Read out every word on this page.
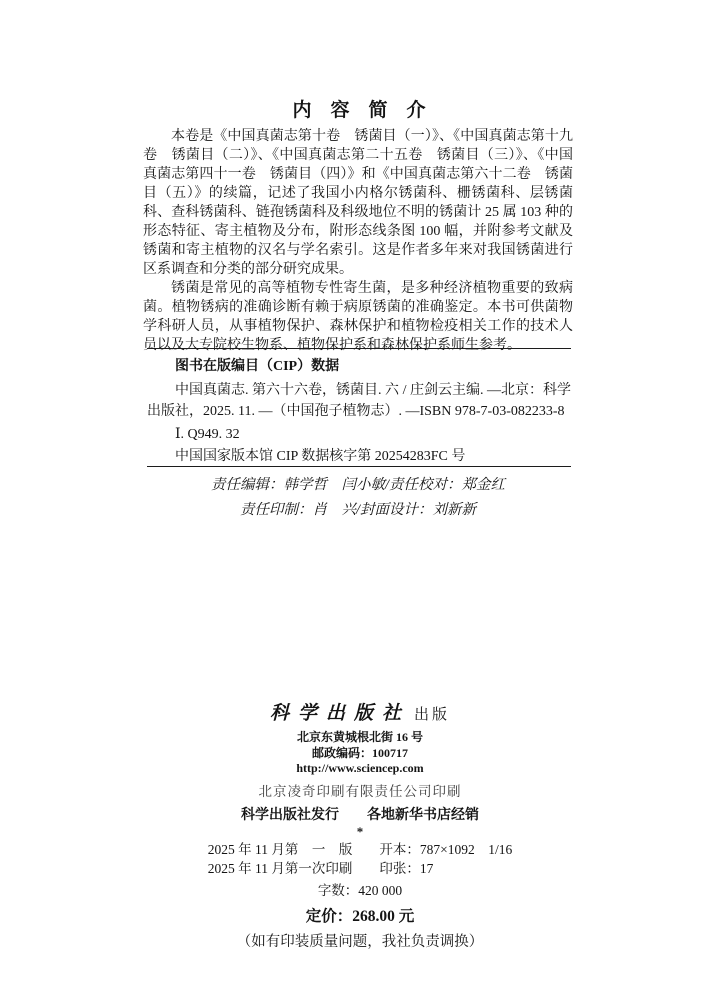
内　容　简　介

本卷是《中国真菌志第十卷　锈菌目（一）》、《中国真菌志第十九卷　锈菌目（二）》、《中国真菌志第二十五卷　锈菌目（三）》、《中国真菌志第四十一卷　锈菌目（四）》和《中国真菌志第六十二卷　锈菌目（五）》的续篇，记述了我国小内格尔锈菌科、栅锈菌科、层锈菌科、查科锈菌科、链孢锈菌科及科级地位不明的锈菌计 25 属 103 种的形态特征、寄主植物及分布，附形态线条图 100 幅，并附参考文献及锈菌和寄主植物的汉名与学名索引。这是作者多年来对我国锈菌进行区系调查和分类的部分研究成果。

锈菌是常见的高等植物专性寄生菌，是多种经济植物重要的致病菌。植物锈病的准确诊断有赖于病原锈菌的准确鉴定。本书可供菌物学科研人员，从事植物保护、森林保护和植物检疫相关工作的技术人员以及大专院校生物系、植物保护系和森林保护系师生参考。

图书在版编目（CIP）数据

中国真菌志. 第六十六卷，锈菌目. 六 / 庄剑云主编. —北京：科学出版社，2025. 11. —（中国孢子植物志）. —ISBN 978-7-03-082233-8

Ⅰ. Q949. 32

中国国家版本馆 CIP 数据核字第 20254283FC 号

责任编辑：韩学哲　闫小敏/责任校对：郑金红

责任印制：肖　兴/封面设计：刘新新

科学出版社 出版

北京东黄城根北街 16 号

邮政编码：100717

http://www.sciencep.com

北京凌奇印刷有限责任公司印刷

科学出版社发行　　各地新华书店经销

*

2025 年 11 月第　一　版　　开本：787×1092　1/16

2025 年 11 月第一次印刷　　印张：17

字数：420 000

定价：268.00 元

（如有印装质量问题，我社负责调换）
